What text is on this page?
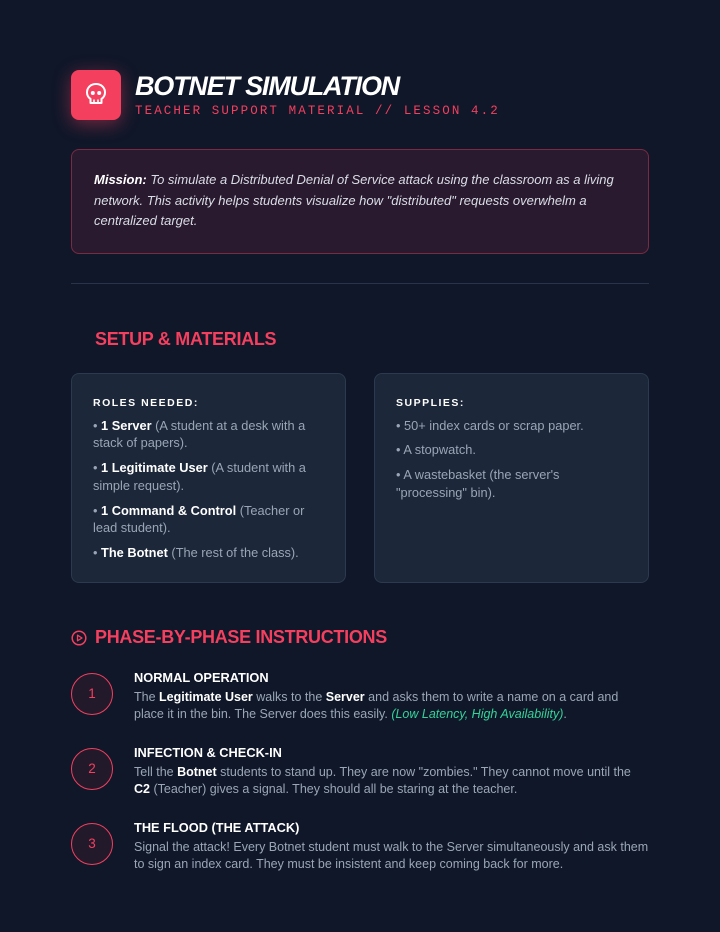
BOTNET SIMULATION
TEACHER SUPPORT MATERIAL // LESSON 4.2
Mission: To simulate a Distributed Denial of Service attack using the classroom as a living network. This activity helps students visualize how "distributed" requests overwhelm a centralized target.
SETUP & MATERIALS
ROLES NEEDED:
• 1 Server (A student at a desk with a stack of papers).
• 1 Legitimate User (A student with a simple request).
• 1 Command & Control (Teacher or lead student).
• The Botnet (The rest of the class).
SUPPLIES:
• 50+ index cards or scrap paper.
• A stopwatch.
• A wastebasket (the server's "processing" bin).
PHASE-BY-PHASE INSTRUCTIONS
1
NORMAL OPERATION
The Legitimate User walks to the Server and asks them to write a name on a card and place it in the bin. The Server does this easily. (Low Latency, High Availability).
2
INFECTION & CHECK-IN
Tell the Botnet students to stand up. They are now "zombies." They cannot move until the C2 (Teacher) gives a signal. They should all be staring at the teacher.
3
THE FLOOD (THE ATTACK)
Signal the attack! Every Botnet student must walk to the Server simultaneously and ask them to sign an index card. They must be insistent and keep coming back for more.
